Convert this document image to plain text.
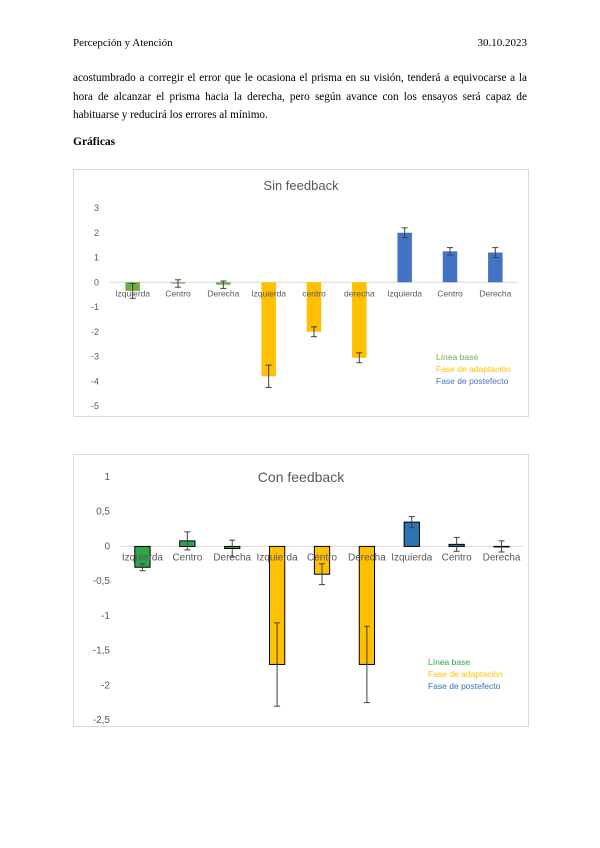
Percepción y Atención	30.10.2023
acostumbrado a corregir el error que le ocasiona el prisma en su visión, tenderá a equivocarse a la hora de alcanzar el prisma hacia la derecha, pero según avance con los ensayos será capaz de habituarse y reducirá los errores al mínimo.
Gráficas
Sin feedback
3
2
1
0
-1
-2
-3
-4
-5
Izquierda Centro Derecha Izquierda centro derecha Izquierda Centro Derecha
Línea base
Fase de adaptación
Fase de postefecto
Con feedback
1
0,5
0
-0,5
-1
-1,5
-2
-2,5
Izquierda Centro Derecha Izquierda Centro Derecha Izquierda Centro Derecha
Línea base
Fase de adaptación
Fase de postefecto
